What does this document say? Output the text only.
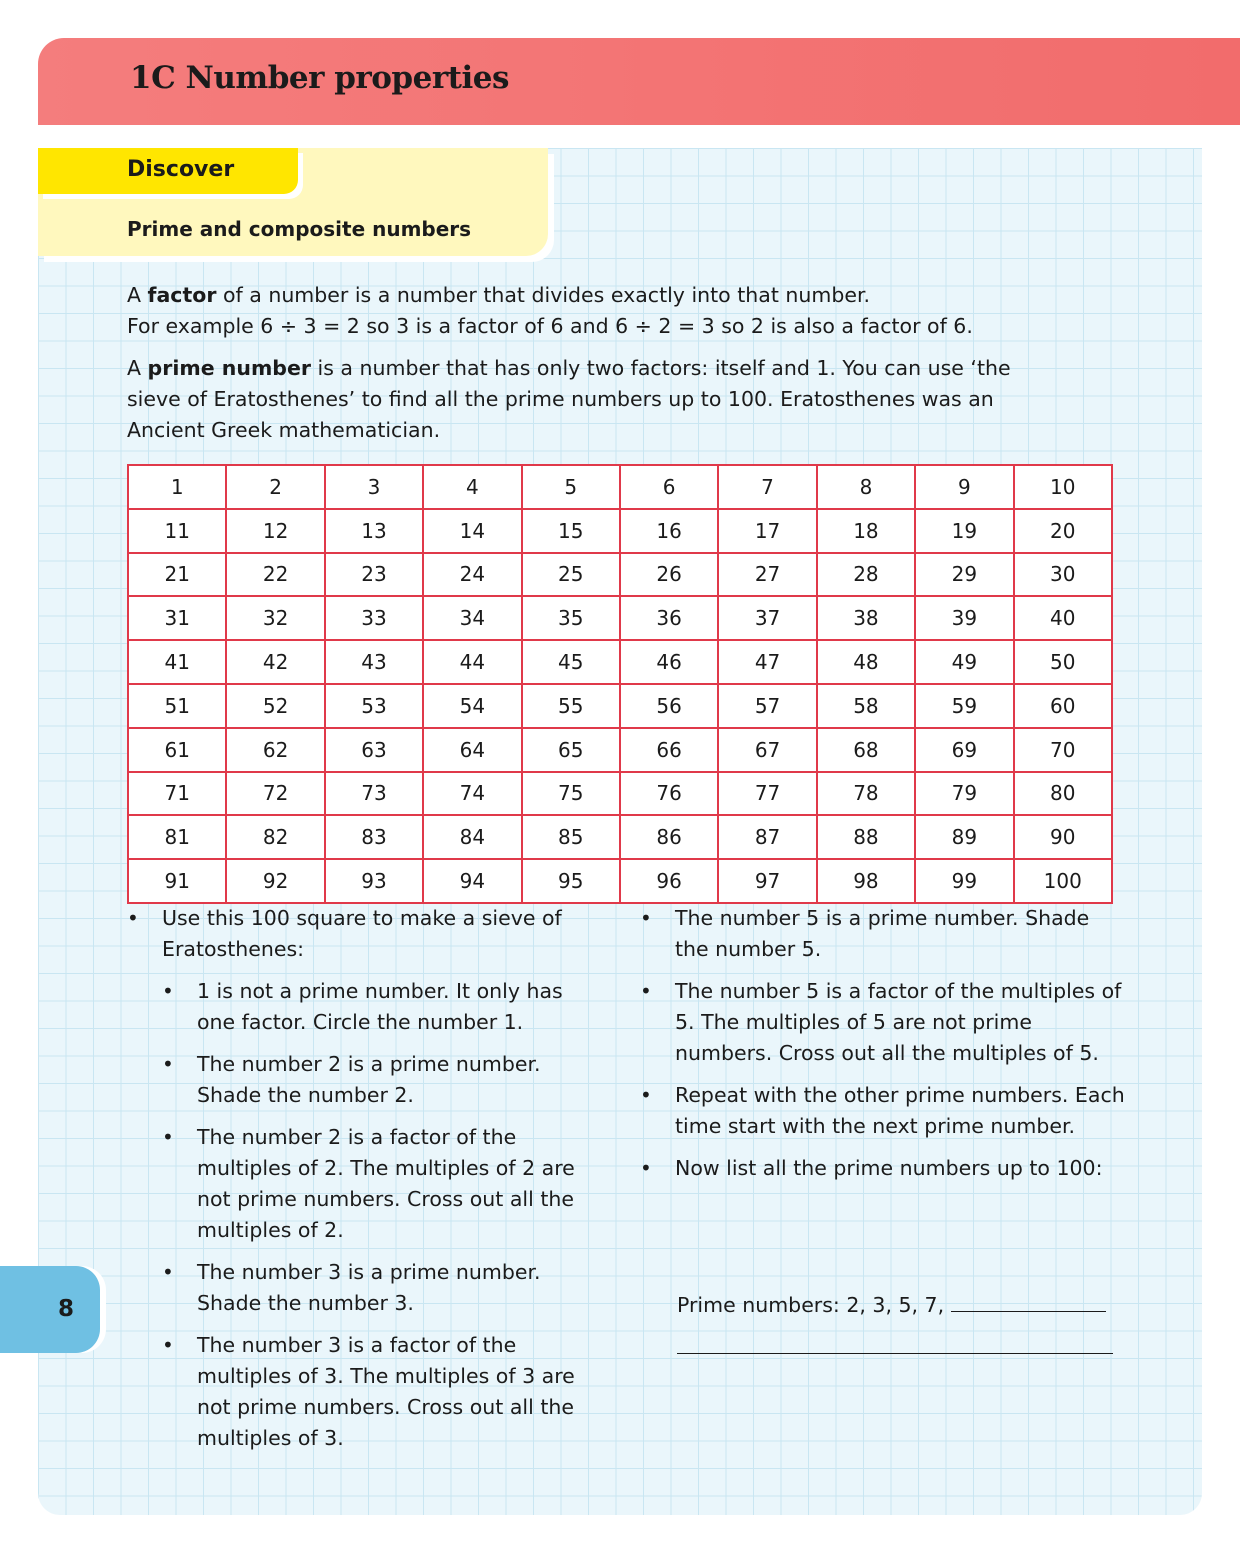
1C Number properties

Discover

Prime and composite numbers

A factor of a number is a number that divides exactly into that number.
For example 6 ÷ 3 = 2 so 3 is a factor of 6 and 6 ÷ 2 = 3 so 2 is also a factor of 6.

A prime number is a number that has only two factors: itself and 1. You can use ‘the sieve of Eratosthenes’ to find all the prime numbers up to 100. Eratosthenes was an Ancient Greek mathematician.

1	2	3	4	5	6	7	8	9	10
11	12	13	14	15	16	17	18	19	20
21	22	23	24	25	26	27	28	29	30
31	32	33	34	35	36	37	38	39	40
41	42	43	44	45	46	47	48	49	50
51	52	53	54	55	56	57	58	59	60
61	62	63	64	65	66	67	68	69	70
71	72	73	74	75	76	77	78	79	80
81	82	83	84	85	86	87	88	89	90
91	92	93	94	95	96	97	98	99	100
• Use this 100 square to make a sieve of Eratosthenes:
• 1 is not a prime number. It only has one factor. Circle the number 1.
• The number 2 is a prime number. Shade the number 2.
• The number 2 is a factor of the multiples of 2. The multiples of 2 are not prime numbers. Cross out all the multiples of 2.
• The number 3 is a prime number. Shade the number 3.
• The number 3 is a factor of the multiples of 3. The multiples of 3 are not prime numbers. Cross out all the multiples of 3.
• The number 5 is a prime number. Shade the number 5.
• The number 5 is a factor of the multiples of 5. The multiples of 5 are not prime numbers. Cross out all the multiples of 5.
• Repeat with the other prime numbers. Each time start with the next prime number.
• Now list all the prime numbers up to 100:

Prime numbers: 2, 3, 5, 7,

8
